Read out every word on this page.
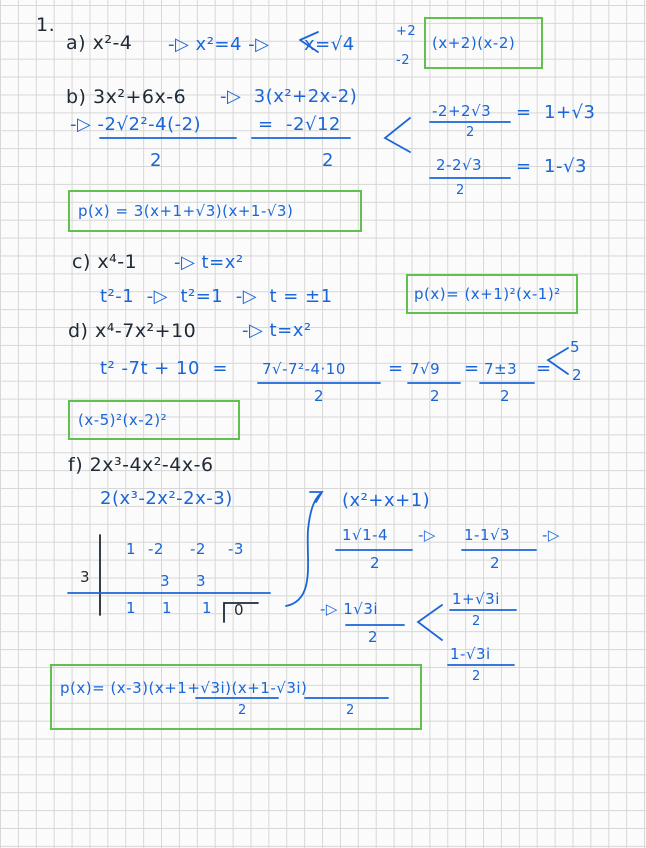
1.
a) x²-4 -▷ x²=4 -▷ x=√4
+2
-2
(x+2)(x-2)
b) 3x²+6x-6 -▷  3(x²+2x-2)
-▷ -2√2²-4(-2)
2
=  -2√12
2
-2+2√3
2
=  1+√3
2-2√3
2
=  1-√3
p(x) = 3(x+1+√3)(x+1-√3)
c) x⁴-1 -▷ t=x²
t²-1  -▷  t²=1  -▷  t = ±1	p(x)= (x+1)²(x-1)²
d) x⁴-7x²+10	-▷ t=x²
t² -7t + 10  = 7√-7²-4·10
2
= 7√9
2
= 7±3
2
=
5
2
(x-5)²(x-2)²
f) 2x³-4x²-4x-6
2(x³-2x²-2x-3)
1 -2 -2 -3
3	3 3
1 1 1 0
(x²+x+1)
1√1-4
2
-▷ 1-1√3
2
-▷
-▷ 1√3i
2
1+√3i
2
1-√3i
2
p(x)= (x-3)(x+1+√3i)(x+1-√3i)
2	2
